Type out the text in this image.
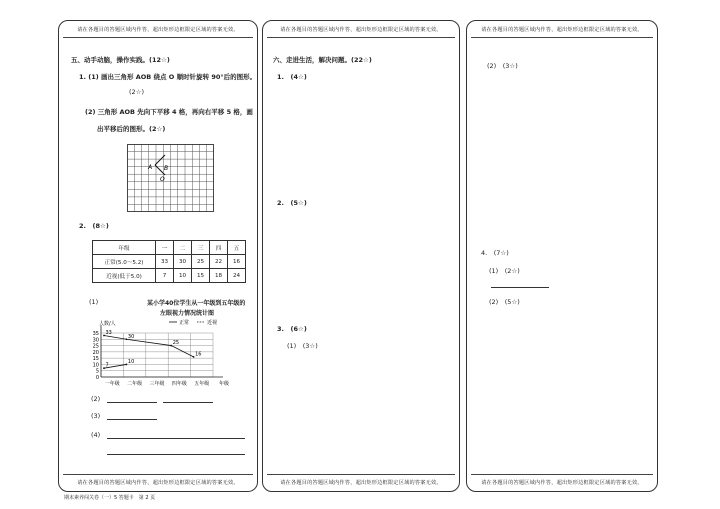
请在各题目的答题区域内作答，超出矩形边框限定区域的答案无效。
五、动手动脑，操作实践。(12☆)
1. (1) 画出三角形 AOB 绕点 O 顺时针旋转 90°后的图形。
(2☆)
(2) 三角形 AOB 先向下平移 4 格，再向右平移 5 格，画
出平移后的图形。(2☆)
A B
O
2.　(8☆)
年级	一	二	三	四	五
正常(5.0～5.2)	33	30	25	22	16
近视(低于5.0)	7	10	15	18	24
(1)	某小学40位学生从一年级到五年级的
左眼视力情况统计图
0
5
10
15
20
25
30
35
人数/人
年级
一年级 二年级 三年级 四年级 五年级
正常	近视
33
30
25
16
7
10
(2)
(3)
(4)
请在各题目的答题区域内作答，超出矩形边框限定区域的答案无效。
请在各题目的答题区域内作答，超出矩形边框限定区域的答案无效。
六、走进生活，解决问题。(22☆)
1.　(4☆)
2.　(5☆)
3.　(6☆)
(1)　(3☆)
请在各题目的答题区域内作答，超出矩形边框限定区域的答案无效。
请在各题目的答题区域内作答，超出矩形边框限定区域的答案无效。
(2)　(3☆)
4.　(7☆)
(1)　(2☆)
(2)　(5☆)
请在各题目的答题区域内作答，超出矩形边框限定区域的答案无效。
期末素养闯关卷（一）5 答题卡　第 2 页
